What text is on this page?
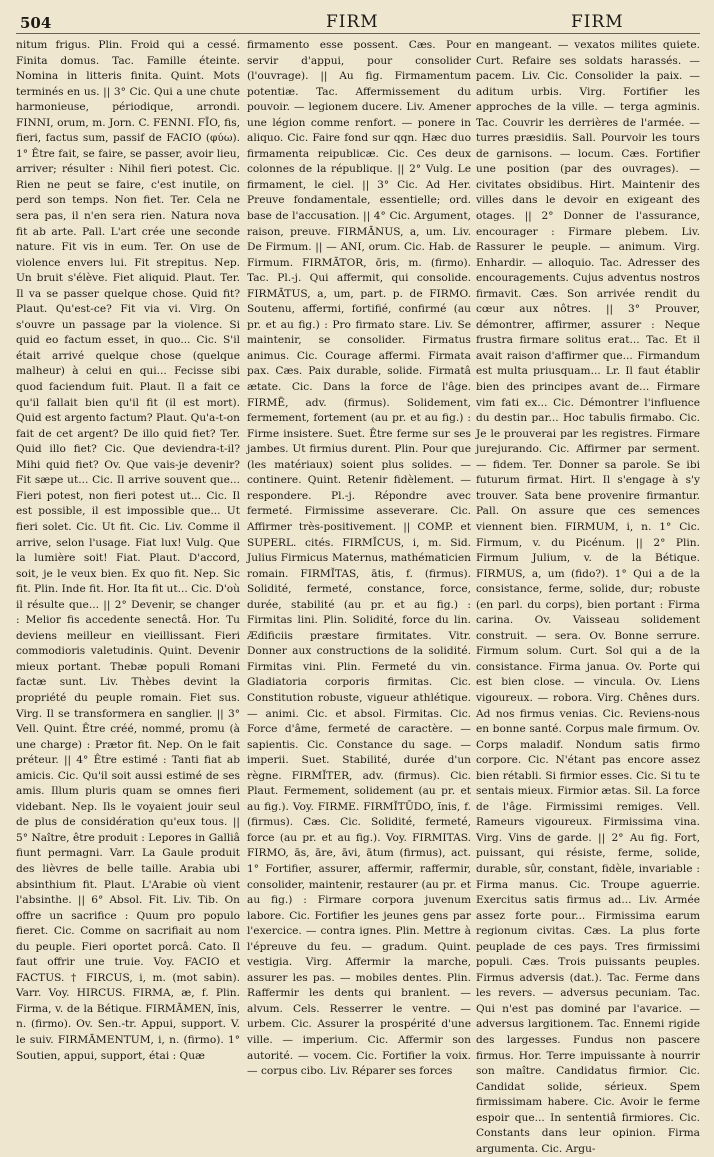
504	FIRM	FIRM

nitum frigus. Plin. Froid qui a cessé. Finita domus. Tac. Famille éteinte. Nomina in litteris finita. Quint. Mots terminés en us. || 3° Cic. Qui a une chute harmonieuse, périodique, arrondi. FINNI, orum, m. Jorn. C. FENNI. FĪO, fis, fieri, factus sum, passif de FACIO (φύω). 1° Être fait, se faire, se passer, avoir lieu, arriver; résulter : Nihil fieri potest. Cic. Rien ne peut se faire, c'est inutile, on perd son temps. Non fiet. Ter. Cela ne sera pas, il n'en sera rien. Natura nova fit ab arte. Pall. L'art crée une seconde nature. Fit vis in eum. Ter. On use de violence envers lui. Fit strepitus. Nep. Un bruit s'élève. Fiet aliquid. Plaut. Ter. Il va se passer quelque chose. Quid fit? Plaut. Qu'est-ce? Fit via vi. Virg. On s'ouvre un passage par la violence. Si quid eo factum esset, in quo... Cic. S'il était arrivé quelque chose (quelque malheur) à celui en qui... Fecisse sibi quod faciendum fuit. Plaut. Il a fait ce qu'il fallait bien qu'il fit (il est mort). Quid est argento factum? Plaut. Qu'a-t-on fait de cet argent? De illo quid fiet? Ter. Quid illo fiet? Cic. Que deviendra-t-il? Mihi quid fiet? Ov. Que vais-je devenir? Fit sæpe ut... Cic. Il arrive souvent que... Fieri potest, non fieri potest ut... Cic. Il est possible, il est impossible que... Ut fieri solet. Cic. Ut fit. Cic. Liv. Comme il arrive, selon l'usage. Fiat lux! Vulg. Que la lumière soit! Fiat. Plaut. D'accord, soit, je le veux bien. Ex quo fit. Nep. Sic fit. Plin. Inde fit. Hor. Ita fit ut... Cic. D'où il résulte que... || 2° Devenir, se changer : Melior fis accedente senectâ. Hor. Tu deviens meilleur en vieillissant. Fieri commodioris valetudinis. Quint. Devenir mieux portant. Thebæ populi Romani factæ sunt. Liv. Thèbes devint la propriété du peuple romain. Fiet sus. Virg. Il se transformera en sanglier. || 3° Vell. Quint. Être créé, nommé, promu (à une charge) : Prætor fit. Nep. On le fait préteur. || 4° Être estimé : Tanti fiat ab amicis. Cic. Qu'il soit aussi estimé de ses amis. Illum pluris quam se omnes fieri videbant. Nep. Ils le voyaient jouir seul de plus de considération qu'eux tous. || 5° Naître, être produit : Lepores in Galliâ fiunt permagni. Varr. La Gaule produit des lièvres de belle taille. Arabia ubi absinthium fit. Plaut. L'Arabie où vient l'absinthe. || 6° Absol. Fit. Liv. Tib. On offre un sacrifice : Quum pro populo fieret. Cic. Comme on sacrifiait au nom du peuple. Fieri oportet porcâ. Cato. Il faut offrir une truie. Voy. FACIO et FACTUS. † FIRCUS, i, m. (mot sabin). Varr. Voy. HIRCUS. FIRMA, æ, f. Plin. Firma, v. de la Bétique. FIRMĀMEN, ĭnis, n. (firmo). Ov. Sen.-tr. Appui, support. V. le suiv. FIRMĀMENTUM, i, n. (firmo). 1° Soutien, appui, support, étai : Quæ

firmamento esse possent. Cæs. Pour servir d'appui, pour consolider (l'ouvrage). || Au fig. Firmamentum potentiæ. Tac. Affermissement du pouvoir. — legionem ducere. Liv. Amener une légion comme renfort. — ponere in aliquo. Cic. Faire fond sur qqn. Hæc duo firmamenta reipublicæ. Cic. Ces deux colonnes de la république. || 2° Vulg. Le firmament, le ciel. || 3° Cic. Ad Her. Preuve fondamentale, essentielle; ord. base de l'accusation. || 4° Cic. Argument, raison, preuve. FIRMĀNUS, a, um. Liv. De Firmum. || — ANI, orum. Cic. Hab. de Firmum. FIRMĀTOR, ōris, m. (firmo). Tac. Pl.-j. Qui affermit, qui consolide. FIRMĀTUS, a, um, part. p. de FIRMO. Soutenu, affermi, fortifié, confirmé (au pr. et au fig.) : Pro firmato stare. Liv. Se maintenir, se consolider. Firmatus animus. Cic. Courage affermi. Firmata pax. Cæs. Paix durable, solide. Firmatâ ætate. Cic. Dans la force de l'âge. FIRMĒ, adv. (firmus). Solidement, fermement, fortement (au pr. et au fig.) : Firme insistere. Suet. Être ferme sur ses jambes. Ut firmius durent. Plin. Pour que (les matériaux) soient plus solides. — continere. Quint. Retenir fidèlement. — respondere. Pl.-j. Répondre avec fermeté. Firmissime asseverare. Cic. Affirmer très-positivement. || COMP. et SUPERL. cités. FIRMĬCUS, i, m. Sid. Julius Firmicus Maternus, mathématicien romain. FIRMĬTAS, ātis, f. (firmus). Solidité, fermeté, constance, force, durée, stabilité (au pr. et au fig.) : Firmitas lini. Plin. Solidité, force du lin. Ædificiis præstare firmitates. Vitr. Donner aux constructions de la solidité. Firmitas vini. Plin. Fermeté du vin. Gladiatoria corporis firmitas. Cic. Constitution robuste, vigueur athlétique. — animi. Cic. et absol. Firmitas. Cic. Force d'âme, fermeté de caractère. — sapientis. Cic. Constance du sage. — imperii. Suet. Stabilité, durée d'un règne. FIRMĬTER, adv. (firmus). Cic. Plaut. Fermement, solidement (au pr. et au fig.). Voy. FIRME. FIRMĬTŪDO, ĭnis, f. (firmus). Cæs. Cic. Solidité, fermeté, force (au pr. et au fig.). Voy. FIRMITAS. FIRMO, ās, āre, āvi, ātum (firmus), act. 1° Fortifier, assurer, affermir, raffermir, consolider, maintenir, restaurer (au pr. et au fig.) : Firmare corpora juvenum labore. Cic. Fortifier les jeunes gens par l'exercice. — contra ignes. Plin. Mettre à l'épreuve du feu. — gradum. Quint. vestigia. Virg. Affermir la marche, assurer les pas. — mobiles dentes. Plin. Raffermir les dents qui branlent. — alvum. Cels. Resserrer le ventre. — urbem. Cic. Assurer la prospérité d'une ville. — imperium. Cic. Affermir son autorité. — vocem. Cic. Fortifier la voix. — corpus cibo. Liv. Réparer ses forces

en mangeant. — vexatos milites quiete. Curt. Refaire ses soldats harassés. — pacem. Liv. Cic. Consolider la paix. — aditum urbis. Virg. Fortifier les approches de la ville. — terga agminis. Tac. Couvrir les derrières de l'armée. — turres præsidiis. Sall. Pourvoir les tours de garnisons. — locum. Cæs. Fortifier une position (par des ouvrages). — civitates obsidibus. Hirt. Maintenir des villes dans le devoir en exigeant des otages. || 2° Donner de l'assurance, encourager : Firmare plebem. Liv. Rassurer le peuple. — animum. Virg. Enhardir. — alloquio. Tac. Adresser des encouragements. Cujus adventus nostros firmavit. Cæs. Son arrivée rendit du cœur aux nôtres. || 3° Prouver, démontrer, affirmer, assurer : Neque frustra firmare solitus erat... Tac. Et il avait raison d'affirmer que... Firmandum est multa priusquam... Lr. Il faut établir bien des principes avant de... Firmare vim fati ex... Cic. Démontrer l'influence du destin par... Hoc tabulis firmabo. Cic. Je le prouverai par les registres. Firmare jurejurando. Cic. Affirmer par serment. — fidem. Ter. Donner sa parole. Se ibi futurum firmat. Hirt. Il s'engage à s'y trouver. Sata bene provenire firmantur. Pall. On assure que ces semences viennent bien. FIRMUM, i, n. 1° Cic. Firmum, v. du Picénum. || 2° Plin. Firmum Julium, v. de la Bétique. FIRMUS, a, um (fido?). 1° Qui a de la consistance, ferme, solide, dur; robuste (en parl. du corps), bien portant : Firma carina. Ov. Vaisseau solidement construit. — sera. Ov. Bonne serrure. Firmum solum. Curt. Sol qui a de la consistance. Firma janua. Ov. Porte qui est bien close. — vincula. Ov. Liens vigoureux. — robora. Virg. Chênes durs. Ad nos firmus venias. Cic. Reviens-nous en bonne santé. Corpus male firmum. Ov. Corps maladif. Nondum satis firmo corpore. Cic. N'étant pas encore assez bien rétabli. Si firmior esses. Cic. Si tu te sentais mieux. Firmior ætas. Sil. La force de l'âge. Firmissimi remiges. Vell. Rameurs vigoureux. Firmissima vina. Virg. Vins de garde. || 2° Au fig. Fort, puissant, qui résiste, ferme, solide, durable, sûr, constant, fidèle, invariable : Firma manus. Cic. Troupe aguerrie. Exercitus satis firmus ad... Liv. Armée assez forte pour... Firmissima earum regionum civitas. Cæs. La plus forte peuplade de ces pays. Tres firmissimi populi. Cæs. Trois puissants peuples. Firmus adversis (dat.). Tac. Ferme dans les revers. — adversus pecuniam. Tac. Qui n'est pas dominé par l'avarice. — adversus largitionem. Tac. Ennemi rigide des largesses. Fundus non pascere firmus. Hor. Terre impuissante à nourrir son maître. Candidatus firmior. Cic. Candidat solide, sérieux. Spem firmissimam habere. Cic. Avoir le ferme espoir que... In sententiâ firmiores. Cic. Constants dans leur opinion. Firma argumenta. Cic. Argu-
